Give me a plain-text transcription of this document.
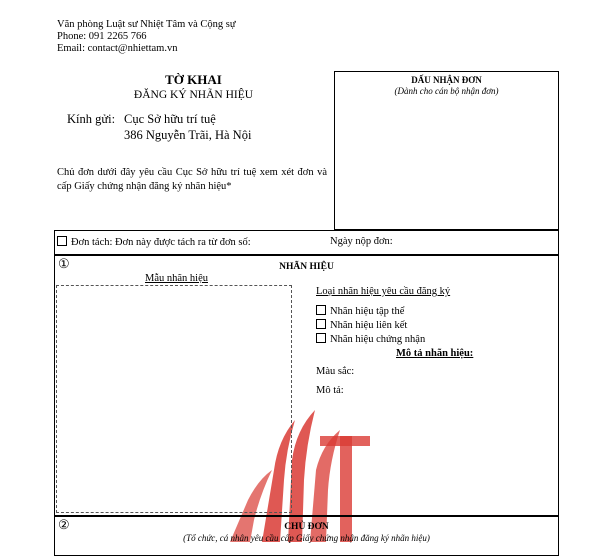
Văn phòng Luật sư Nhiệt Tâm và Cộng sự
Phone: 091 2265 766
Email: contact@nhiettam.vn
TỜ KHAI
ĐĂNG KÝ NHÃN HIỆU
Kính gửi: Cục Sở hữu trí tuệ
386 Nguyễn Trãi, Hà Nội
Chủ đơn dưới đây yêu cầu Cục Sở hữu trí tuệ xem xét đơn và cấp Giấy chứng nhận đăng ký nhãn hiệu*
DẤU NHẬN ĐƠN
(Dành cho cán bộ nhận đơn)
Đơn tách: Đơn này được tách ra từ đơn số:	Ngày nộp đơn:
①	NHÃN HIỆU
Mẫu nhãn hiệu
Loại nhãn hiệu yêu cầu đăng ký
Nhãn hiệu tập thể
Nhãn hiệu liên kết
Nhãn hiệu chứng nhận
Mô tả nhãn hiệu:
Màu sắc:
Mô tả:
②	CHỦ ĐƠN
(Tổ chức, cá nhân yêu cầu cấp Giấy chứng nhận đăng ký nhãn hiệu)
